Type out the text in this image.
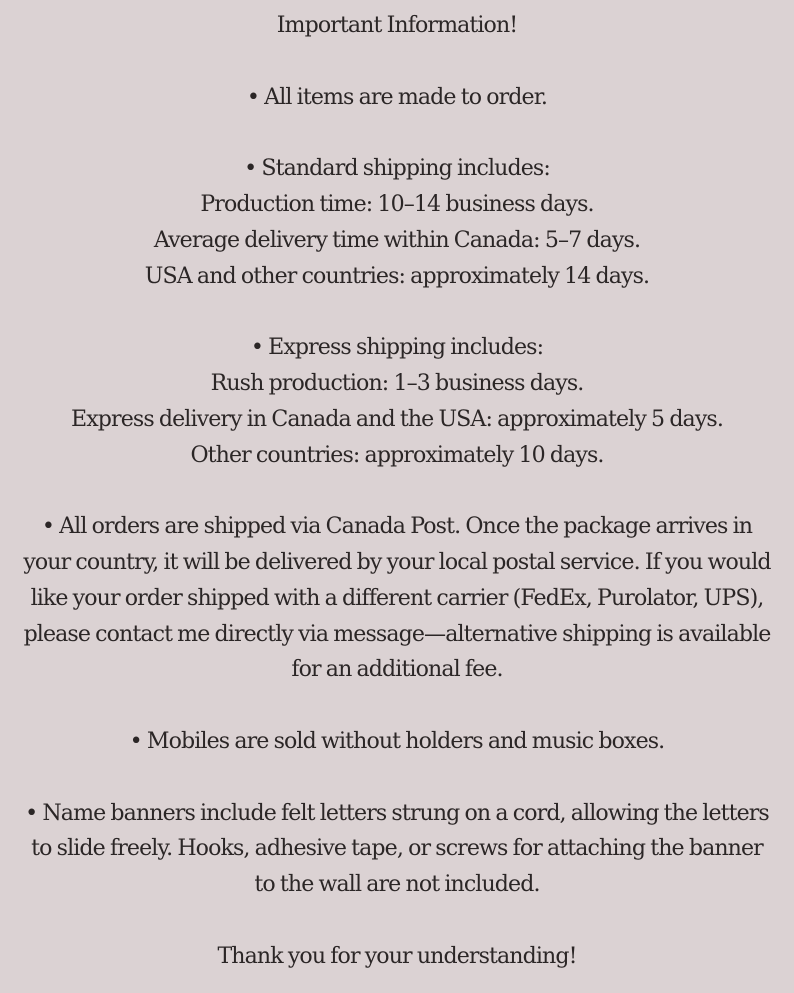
Important Information!
• All items are made to order.
• Standard shipping includes:
Production time: 10–14 business days.
Average delivery time within Canada: 5–7 days.
USA and other countries: approximately 14 days.
• Express shipping includes:
Rush production: 1–3 business days.
Express delivery in Canada and the USA: approximately 5 days.
Other countries: approximately 10 days.
• All orders are shipped via Canada Post. Once the package arrives in
your country, it will be delivered by your local postal service. If you would
like your order shipped with a different carrier (FedEx, Purolator, UPS),
please contact me directly via message—alternative shipping is available
for an additional fee.
• Mobiles are sold without holders and music boxes.
• Name banners include felt letters strung on a cord, allowing the letters
to slide freely. Hooks, adhesive tape, or screws for attaching the banner
to the wall are not included.
Thank you for your understanding!
